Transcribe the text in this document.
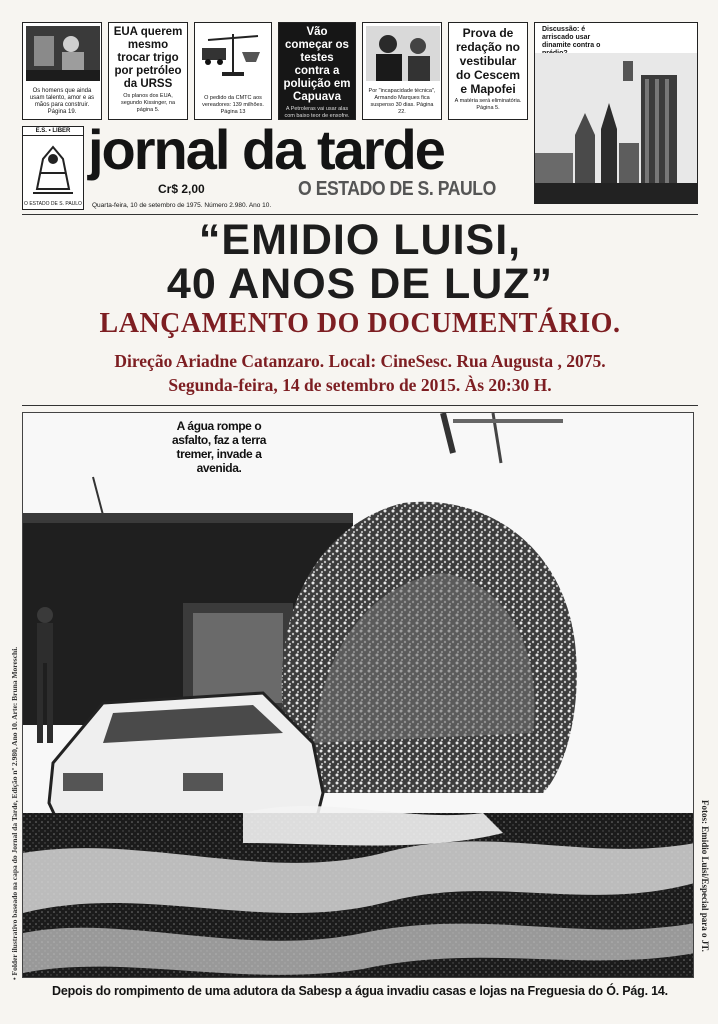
Os homens que ainda usam talento, amor e as mãos para construir. Página 19.
EUA querem mesmo trocar trigo por petróleo da URSS
Os planos dos EUA, segundo Kissinger, na página 5.
O pedido da CMTC aos vereadores: 139 milhões. Página 13
Vão começar os testes contra a poluição em Capuava
A Petroleras vai usar alas com baixo teor de enxofre.
Por "incapacidade técnica", Armando Marques fica suspenso 30 dias. Página 22.
Prova de redação no vestibular do Cescem e Mapofei
A matéria será eliminatória. Página 5.
Discussão: é arriscado usar dinamite contra o
E.S. • LIBER
O ESTADO DE S. PAULO
jornal da tarde
Cr$ 2,00	O ESTADO DE S. PAULO
Quarta-feira, 10 de setembro de 1975. Número 2.980. Ano 10.
“EMIDIO LUISI,
40 ANOS DE LUZ”
LANÇAMENTO DO DOCUMENTÁRIO.
Direção Ariadne Catanzaro. Local: CineSesc. Rua Augusta , 2075.
Segunda-feira, 14 de setembro de 2015. Às 20:30 H.
A água rompe o asfalto, faz a terra tremer, invade a avenida.
• Folder ilustrativo baseado na capa do Jornal da Tarde, Edição nº 2.980, Ano 10. Arte: Bruna Moreschi.	Fotos: Emidio Luisi/Especial para o JT.
Depois do rompimento de uma adutora da Sabesp a água invadiu casas e lojas na Freguesia do Ó. Pág. 14.
